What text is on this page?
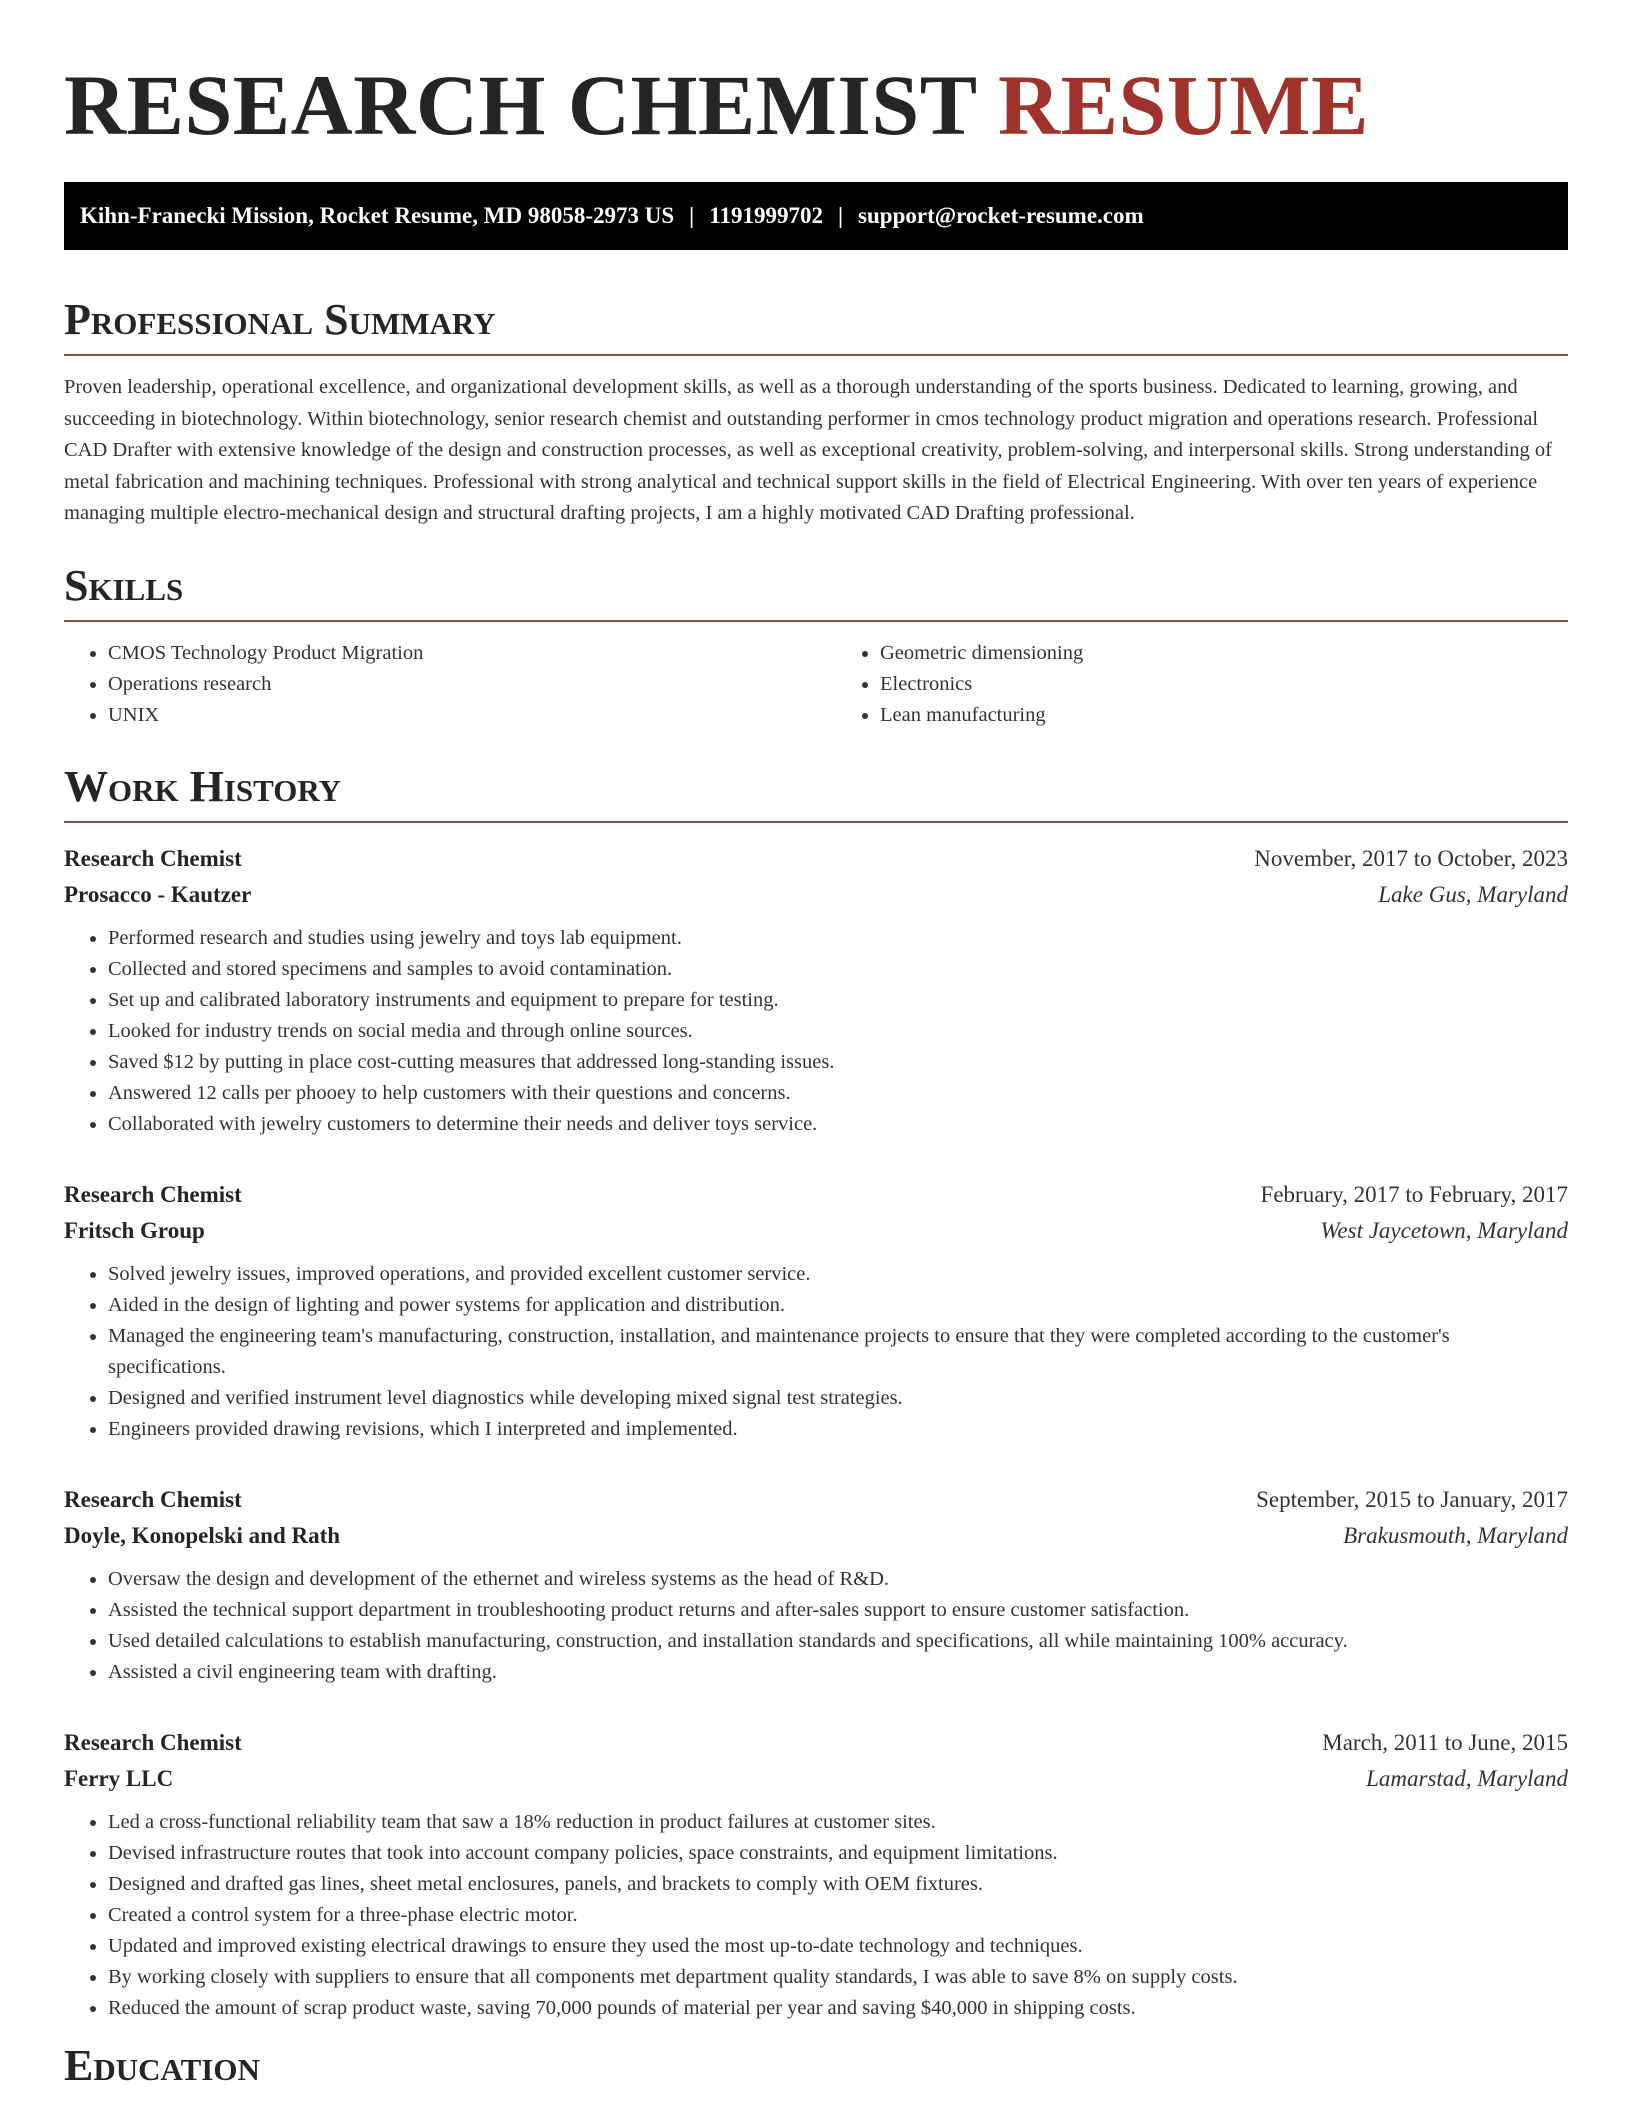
RESEARCH CHEMIST RESUME
Kihn-Franecki Mission, Rocket Resume, MD 98058-2973 US | 1191999702 | support@rocket-resume.com
Professional Summary

Proven leadership, operational excellence, and organizational development skills, as well as a thorough understanding of the sports business. Dedicated to learning, growing, and succeeding in biotechnology. Within biotechnology, senior research chemist and outstanding performer in cmos technology product migration and operations research. Professional CAD Drafter with extensive knowledge of the design and construction processes, as well as exceptional creativity, problem-solving, and interpersonal skills. Strong understanding of metal fabrication and machining techniques. Professional with strong analytical and technical support skills in the field of Electrical Engineering. With over ten years of experience managing multiple electro-mechanical design and structural drafting projects, I am a highly motivated CAD Drafting professional.

Skills
• CMOS Technology Product Migration
• Operations research
• UNIX
• Geometric dimensioning
• Electronics
• Lean manufacturing
Work History
Research Chemist	November, 2017 to October, 2023
Prosacco - Kautzer	Lake Gus, Maryland
• Performed research and studies using jewelry and toys lab equipment.
• Collected and stored specimens and samples to avoid contamination.
• Set up and calibrated laboratory instruments and equipment to prepare for testing.
• Looked for industry trends on social media and through online sources.
• Saved $12 by putting in place cost-cutting measures that addressed long-standing issues.
• Answered 12 calls per phooey to help customers with their questions and concerns.
• Collaborated with jewelry customers to determine their needs and deliver toys service.
Research Chemist	February, 2017 to February, 2017
Fritsch Group	West Jaycetown, Maryland
• Solved jewelry issues, improved operations, and provided excellent customer service.
• Aided in the design of lighting and power systems for application and distribution.
• Managed the engineering team's manufacturing, construction, installation, and maintenance projects to ensure that they were completed according to the customer's specifications.
• Designed and verified instrument level diagnostics while developing mixed signal test strategies.
• Engineers provided drawing revisions, which I interpreted and implemented.
Research Chemist	September, 2015 to January, 2017
Doyle, Konopelski and Rath	Brakusmouth, Maryland
• Oversaw the design and development of the ethernet and wireless systems as the head of R&D.
• Assisted the technical support department in troubleshooting product returns and after-sales support to ensure customer satisfaction.
• Used detailed calculations to establish manufacturing, construction, and installation standards and specifications, all while maintaining 100% accuracy.
• Assisted a civil engineering team with drafting.
Research Chemist	March, 2011 to June, 2015
Ferry LLC	Lamarstad, Maryland
• Led a cross-functional reliability team that saw a 18% reduction in product failures at customer sites.
• Devised infrastructure routes that took into account company policies, space constraints, and equipment limitations.
• Designed and drafted gas lines, sheet metal enclosures, panels, and brackets to comply with OEM fixtures.
• Created a control system for a three-phase electric motor.
• Updated and improved existing electrical drawings to ensure they used the most up-to-date technology and techniques.
• By working closely with suppliers to ensure that all components met department quality standards, I was able to save 8% on supply costs.
• Reduced the amount of scrap product waste, saving 70,000 pounds of material per year and saving $40,000 in shipping costs.
Education
